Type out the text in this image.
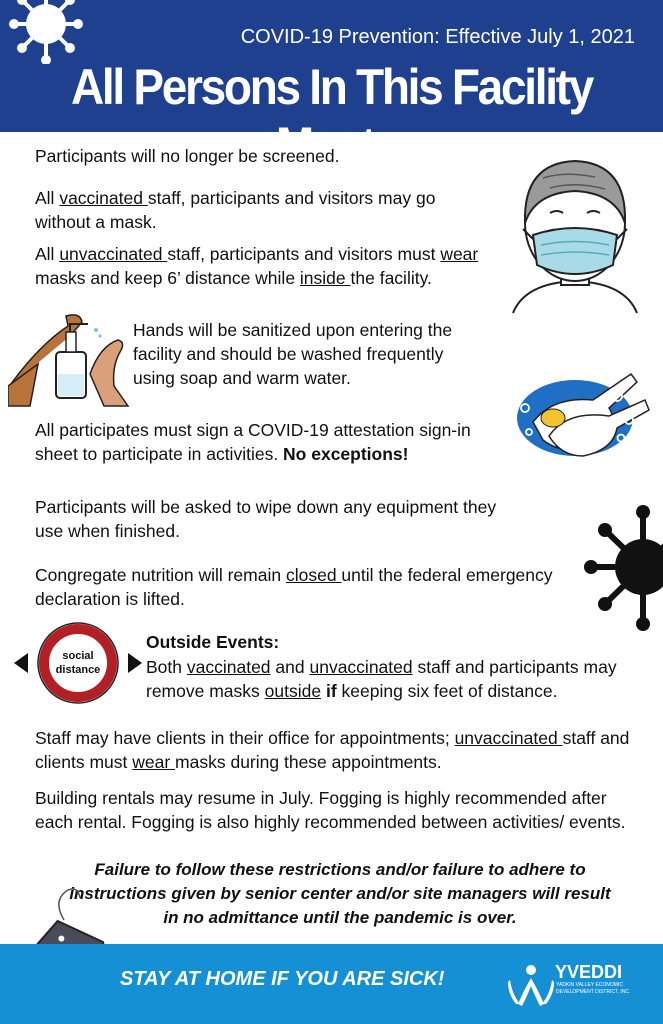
COVID-19 Prevention: Effective July 1, 2021
All Persons In This Facility Must:
Participants will no longer be screened.
All vaccinated staff, participants and visitors may go without a mask.
All unvaccinated staff, participants and visitors must wear masks and keep 6’ distance while inside the facility.
Hands will be sanitized upon entering the facility and should be washed frequently using soap and warm water.
All participates must sign a COVID-19 attestation sign-in sheet to participate in activities. No exceptions!
Participants will be asked to wipe down any equipment they use when finished.
Congregate nutrition will remain closed until the federal emergency declaration is lifted.
social
distance
Outside Events:
Both vaccinated and unvaccinated staff and participants may remove masks outside if keeping six feet of distance.
Staff may have clients in their office for appointments; unvaccinated staff and clients must wear masks during these appointments.
Building rentals may resume in July. Fogging is highly recommended after each rental. Fogging is also highly recommended between activities/ events.
Failure to follow these restrictions and/or failure to adhere to instructions given by senior center and/or site managers will result in no admittance until the pandemic is over.
STAY AT HOME IF YOU ARE SICK!	YVEDDI
YADKIN VALLEY ECONOMIC DEVELOPMENT DISTRICT, INC.
